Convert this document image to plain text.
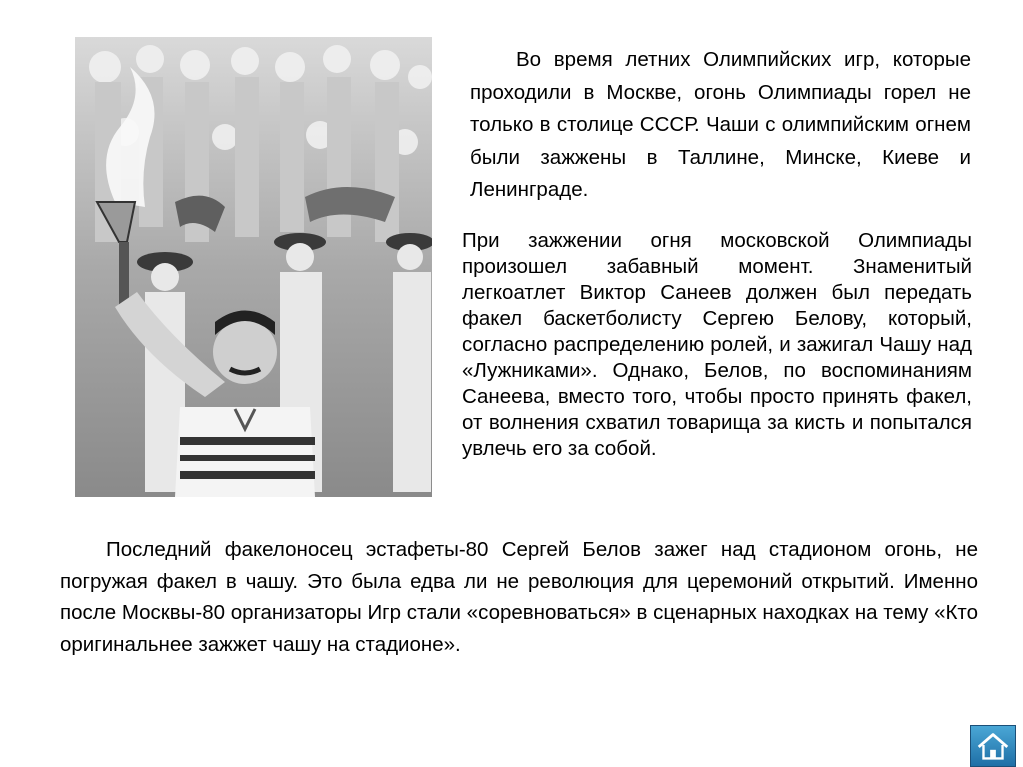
Во время летних Олимпийских игр, которые проходили в Москве, огонь Олимпиады горел не только в столице СССР. Чаши с олимпийским огнем были зажжены в Таллине, Минске, Киеве и Ленинграде.

При зажжении огня московской Олимпиады произошел забавный момент. Знаменитый легкоатлет Виктор Санеев должен был передать факел баскетболисту Сергею Белову, который, согласно распределению ролей, и зажигал Чашу над «Лужниками». Однако, Белов, по воспоминаниям Санеева, вместо того, чтобы просто принять факел, от волнения схватил товарища за кисть и попытался увлечь его за собой.

Последний факелоносец эстафеты-80 Сергей Белов зажег над стадионом огонь, не погружая факел в чашу. Это была едва ли не революция для церемоний открытий. Именно после Москвы-80 организаторы Игр стали «соревноваться» в сценарных находках на тему «Кто оригинальнее зажжет чашу на стадионе».
